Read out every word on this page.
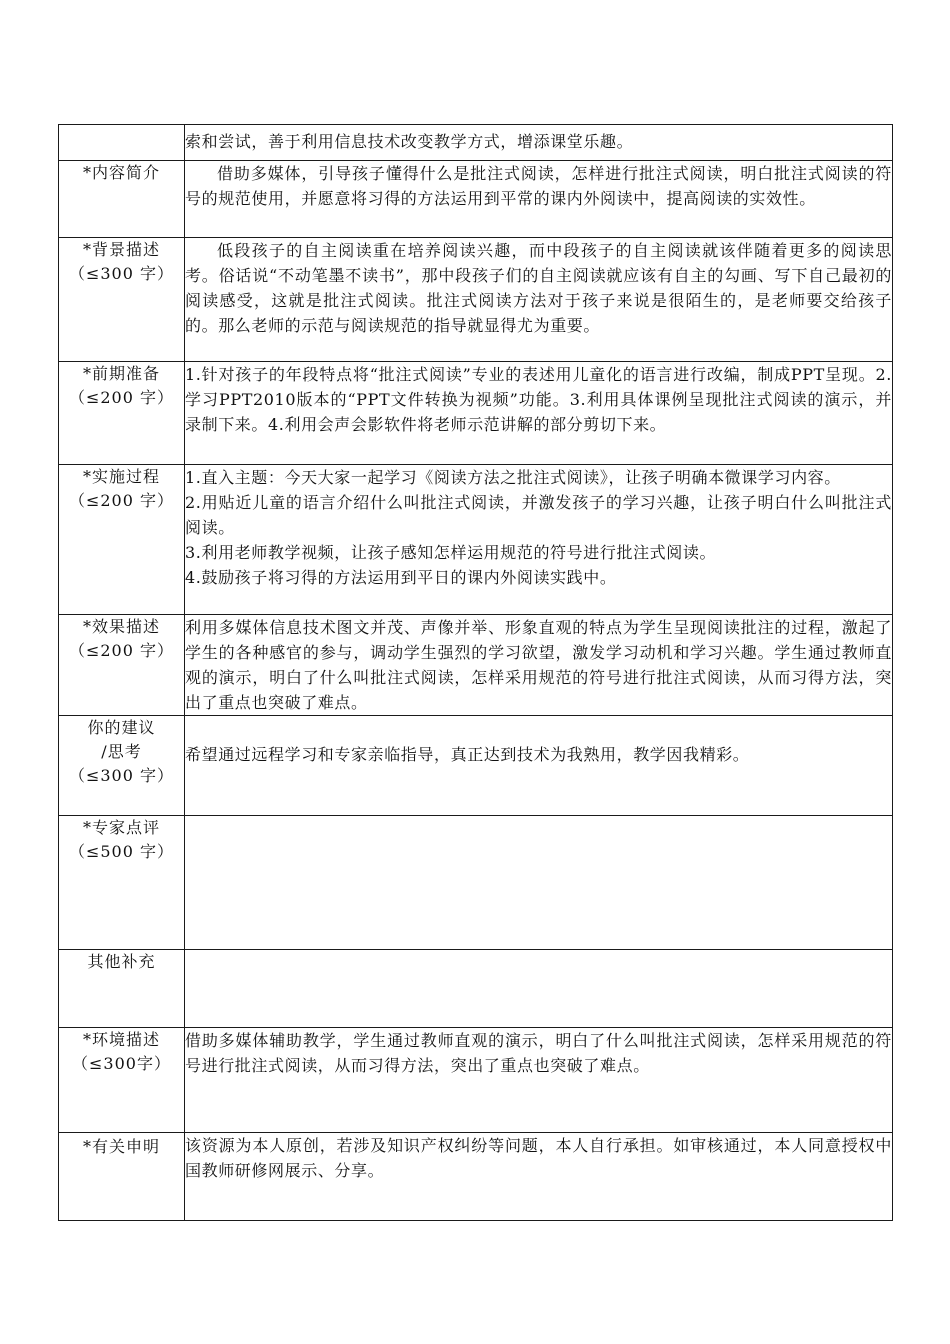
	索和尝试，善于利用信息技术改变教学方式，增添课堂乐趣。

*内容简介	借助多媒体，引导孩子懂得什么是批注式阅读，怎样进行批注式阅读，明白批注式阅读的符号的规范使用，并愿意将习得的方法运用到平常的课内外阅读中，提高阅读的实效性。

*背景描述
（≤300 字）	低段孩子的自主阅读重在培养阅读兴趣，而中段孩子的自主阅读就该伴随着更多的阅读思考。俗话说“不动笔墨不读书”，那中段孩子们的自主阅读就应该有自主的勾画、写下自己最初的阅读感受，这就是批注式阅读。批注式阅读方法对于孩子来说是很陌生的，是老师要交给孩子的。那么老师的示范与阅读规范的指导就显得尤为重要。

*前期准备
（≤200 字）	1.针对孩子的年段特点将“批注式阅读”专业的表述用儿童化的语言进行改编，制成PPT呈现。2.学习PPT2010版本的“PPT文件转换为视频”功能。3.利用具体课例呈现批注式阅读的演示，并录制下来。4.利用会声会影软件将老师示范讲解的部分剪切下来。

*实施过程
（≤200 字）	1.直入主题：今天大家一起学习《阅读方法之批注式阅读》，让孩子明确本微课学习内容。
2.用贴近儿童的语言介绍什么叫批注式阅读，并激发孩子的学习兴趣，让孩子明白什么叫批注式阅读。
3.利用老师教学视频，让孩子感知怎样运用规范的符号进行批注式阅读。
4.鼓励孩子将习得的方法运用到平日的课内外阅读实践中。

*效果描述
（≤200 字）	利用多媒体信息技术图文并茂、声像并举、形象直观的特点为学生呈现阅读批注的过程，激起了学生的各种感官的参与，调动学生强烈的学习欲望，激发学习动机和学习兴趣。学生通过教师直观的演示，明白了什么叫批注式阅读，怎样采用规范的符号进行批注式阅读，从而习得方法，突出了重点也突破了难点。

你的建议
/思考
（≤300 字）	希望通过远程学习和专家亲临指导，真正达到技术为我熟用，教学因我精彩。

*专家点评
（≤500 字）	

其他补充	

*环境描述
（≤300字）	借助多媒体辅助教学，学生通过教师直观的演示，明白了什么叫批注式阅读，怎样采用规范的符号进行批注式阅读，从而习得方法，突出了重点也突破了难点。

*有关申明	该资源为本人原创，若涉及知识产权纠纷等问题，本人自行承担。如审核通过，本人同意授权中国教师研修网展示、分享。
